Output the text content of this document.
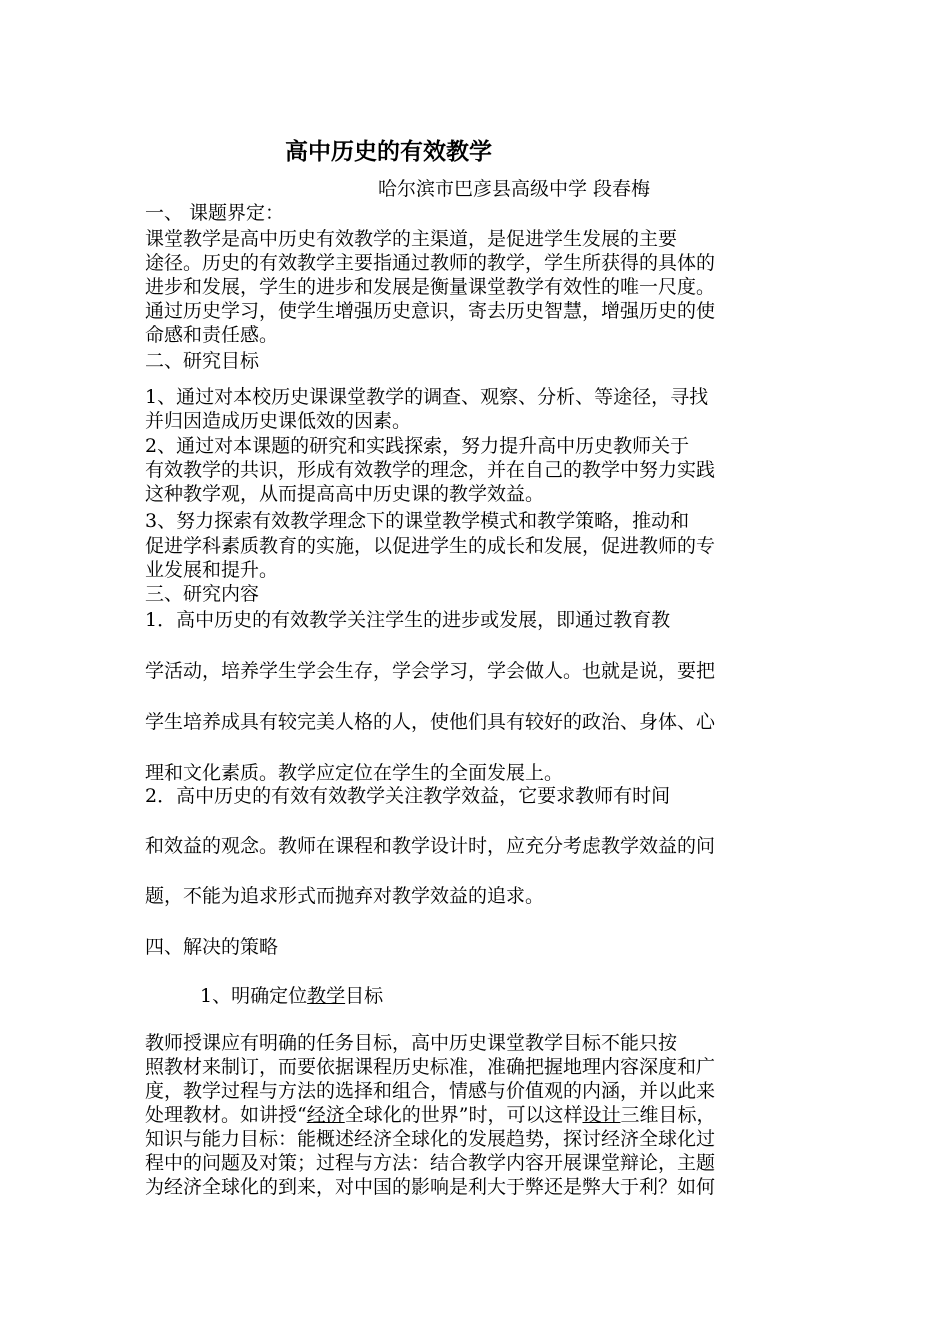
高中历史的有效教学
哈尔滨市巴彦县高级中学 段春梅
一、 课题界定：
课堂教学是高中历史有效教学的主渠道，是促进学生发展的主要
途径。历史的有效教学主要指通过教师的教学，学生所获得的具体的
进步和发展，学生的进步和发展是衡量课堂教学有效性的唯一尺度。
通过历史学习，使学生增强历史意识，寄去历史智慧，增强历史的使
命感和责任感。
二、研究目标
1、通过对本校历史课课堂教学的调查、观察、分析、等途径，寻找
并归因造成历史课低效的因素。
2、通过对本课题的研究和实践探索，努力提升高中历史教师关于
有效教学的共识，形成有效教学的理念，并在自己的教学中努力实践
这种教学观，从而提高高中历史课的教学效益。
3、努力探索有效教学理念下的课堂教学模式和教学策略，推动和
促进学科素质教育的实施，以促进学生的成长和发展，促进教师的专
业发展和提升。
三、研究内容
1．高中历史的有效教学关注学生的进步或发展，即通过教育教
学活动，培养学生学会生存，学会学习，学会做人。也就是说，要把
学生培养成具有较完美人格的人，使他们具有较好的政治、身体、心
理和文化素质。教学应定位在学生的全面发展上。
2．高中历史的有效有效教学关注教学效益，它要求教师有时间
和效益的观念。教师在课程和教学设计时，应充分考虑教学效益的问
题，不能为追求形式而抛弃对教学效益的追求。
四、解决的策略
1、明确定位教学目标
教师授课应有明确的任务目标，高中历史课堂教学目标不能只按
照教材来制订，而要依据课程历史标准，准确把握地理内容深度和广
度，教学过程与方法的选择和组合，情感与价值观的内涵，并以此来
处理教材。如讲授“经济全球化的世界”时，可以这样设计三维目标，
知识与能力目标：能概述经济全球化的发展趋势，探讨经济全球化过
程中的问题及对策；过程与方法：结合教学内容开展课堂辩论，主题
为经济全球化的到来，对中国的影响是利大于弊还是弊大于利？如何
